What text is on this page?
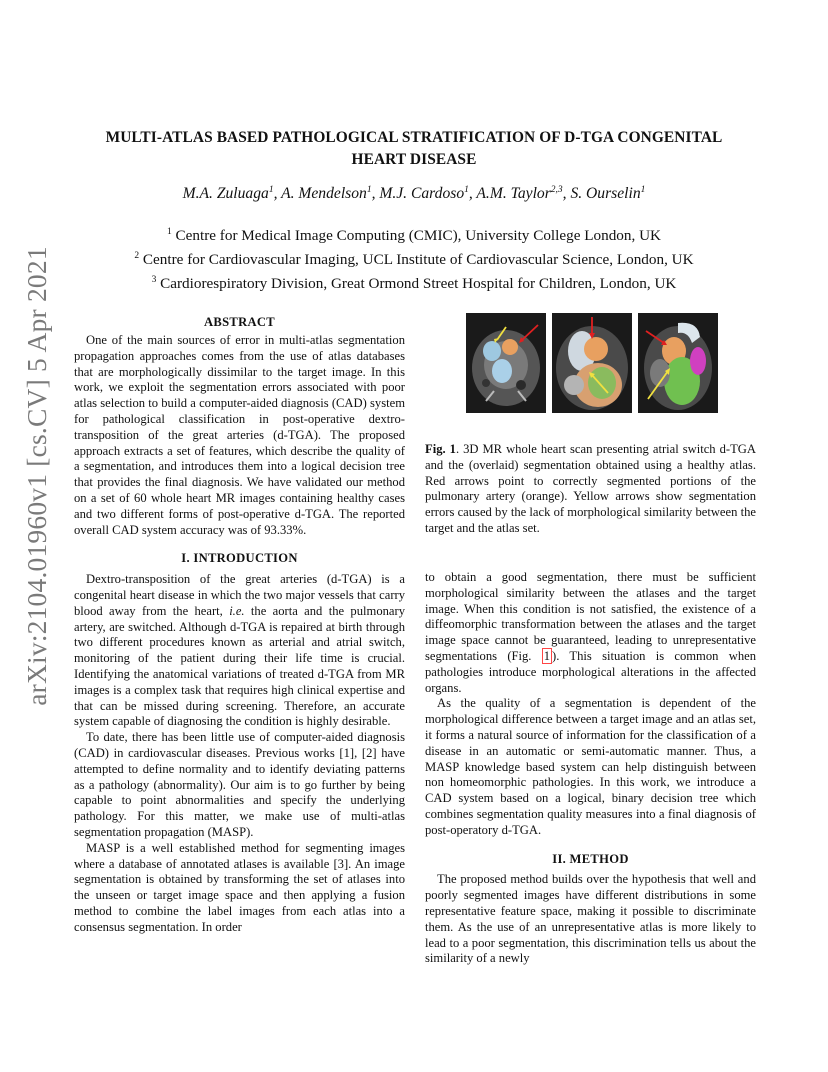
arXiv:2104.01960v1 [cs.CV] 5 Apr 2021
MULTI-ATLAS BASED PATHOLOGICAL STRATIFICATION OF D-TGA CONGENITAL
HEART DISEASE
M.A. Zuluaga$^1$, A. Mendelson$^1$, M.J. Cardoso$^1$, A.M. Taylor$^{2,3}$, S. Ourselin$^1$
$^1$ Centre for Medical Image Computing (CMIC), University College London, UK
$^2$ Centre for Cardiovascular Imaging, UCL Institute of Cardiovascular Science, London, UK
$^3$ Cardiorespiratory Division, Great Ormond Street Hospital for Children, London, UK
ABSTRACT

One of the main sources of error in multi-atlas segmentation propagation approaches comes from the use of atlas databases that are morphologically dissimilar to the target image. In this work, we exploit the segmentation errors associated with poor atlas selection to build a computer-aided diagnosis (CAD) system for pathological classification in post-operative dextro-transposition of the great arteries (d-TGA). The proposed approach extracts a set of features, which describe the quality of a segmentation, and introduces them into a logical decision tree that provides the final diagnosis. We have validated our method on a set of 60 whole heart MR images containing healthy cases and two different forms of post-operative d-TGA. The reported overall CAD system accuracy was of 93.33%.

I. INTRODUCTION

Dextro-transposition of the great arteries (d-TGA) is a congenital heart disease in which the two major vessels that carry blood away from the heart, i.e. the aorta and the pulmonary artery, are switched. Although d-TGA is repaired at birth through two different procedures known as arterial and atrial switch, monitoring of the patient during their life time is crucial. Identifying the anatomical variations of treated d-TGA from MR images is a complex task that requires high clinical expertise and that can be missed during screening. Therefore, an accurate system capable of diagnosing the condition is highly desirable.

To date, there has been little use of computer-aided diagnosis (CAD) in cardiovascular diseases. Previous works [1], [2] have attempted to define normality and to identify deviating patterns as a pathology (abnormality). Our aim is to go further by being capable to point abnormalities and specify the underlying pathology. For this matter, we make use of multi-atlas segmentation propagation (MASP).

MASP is a well established method for segmenting images where a database of annotated atlases is available [3]. An image segmentation is obtained by transforming the set of atlases into the unseen or target image space and then applying a fusion method to combine the label images from each atlas into a consensus segmentation. In order

Fig. 1. 3D MR whole heart scan presenting atrial switch d-TGA and the (overlaid) segmentation obtained using a healthy atlas. Red arrows point to correctly segmented portions of the pulmonary artery (orange). Yellow arrows show segmentation errors caused by the lack of morphological similarity between the target and the atlas set.

to obtain a good segmentation, there must be sufficient morphological similarity between the atlases and the target image. When this condition is not satisfied, the existence of a diffeomorphic transformation between the atlases and the target image space cannot be guaranteed, leading to unrepresentative segmentations (Fig. 1 ). This situation is common when pathologies introduce morphological alterations in the affected organs.

As the quality of a segmentation is dependent of the morphological difference between a target image and an atlas set, it forms a natural source of information for the classification of a disease in an automatic or semi-automatic manner. Thus, a MASP knowledge based system can help distinguish between non homeomorphic pathologies. In this work, we introduce a CAD system based on a logical, binary decision tree which combines segmentation quality measures into a final diagnosis of post-operatory d-TGA.

II. METHOD

The proposed method builds over the hypothesis that well and poorly segmented images have different distributions in some representative feature space, making it possible to discriminate them. As the use of an unrepresentative atlas is more likely to lead to a poor segmentation, this discrimination tells us about the similarity of a newly
